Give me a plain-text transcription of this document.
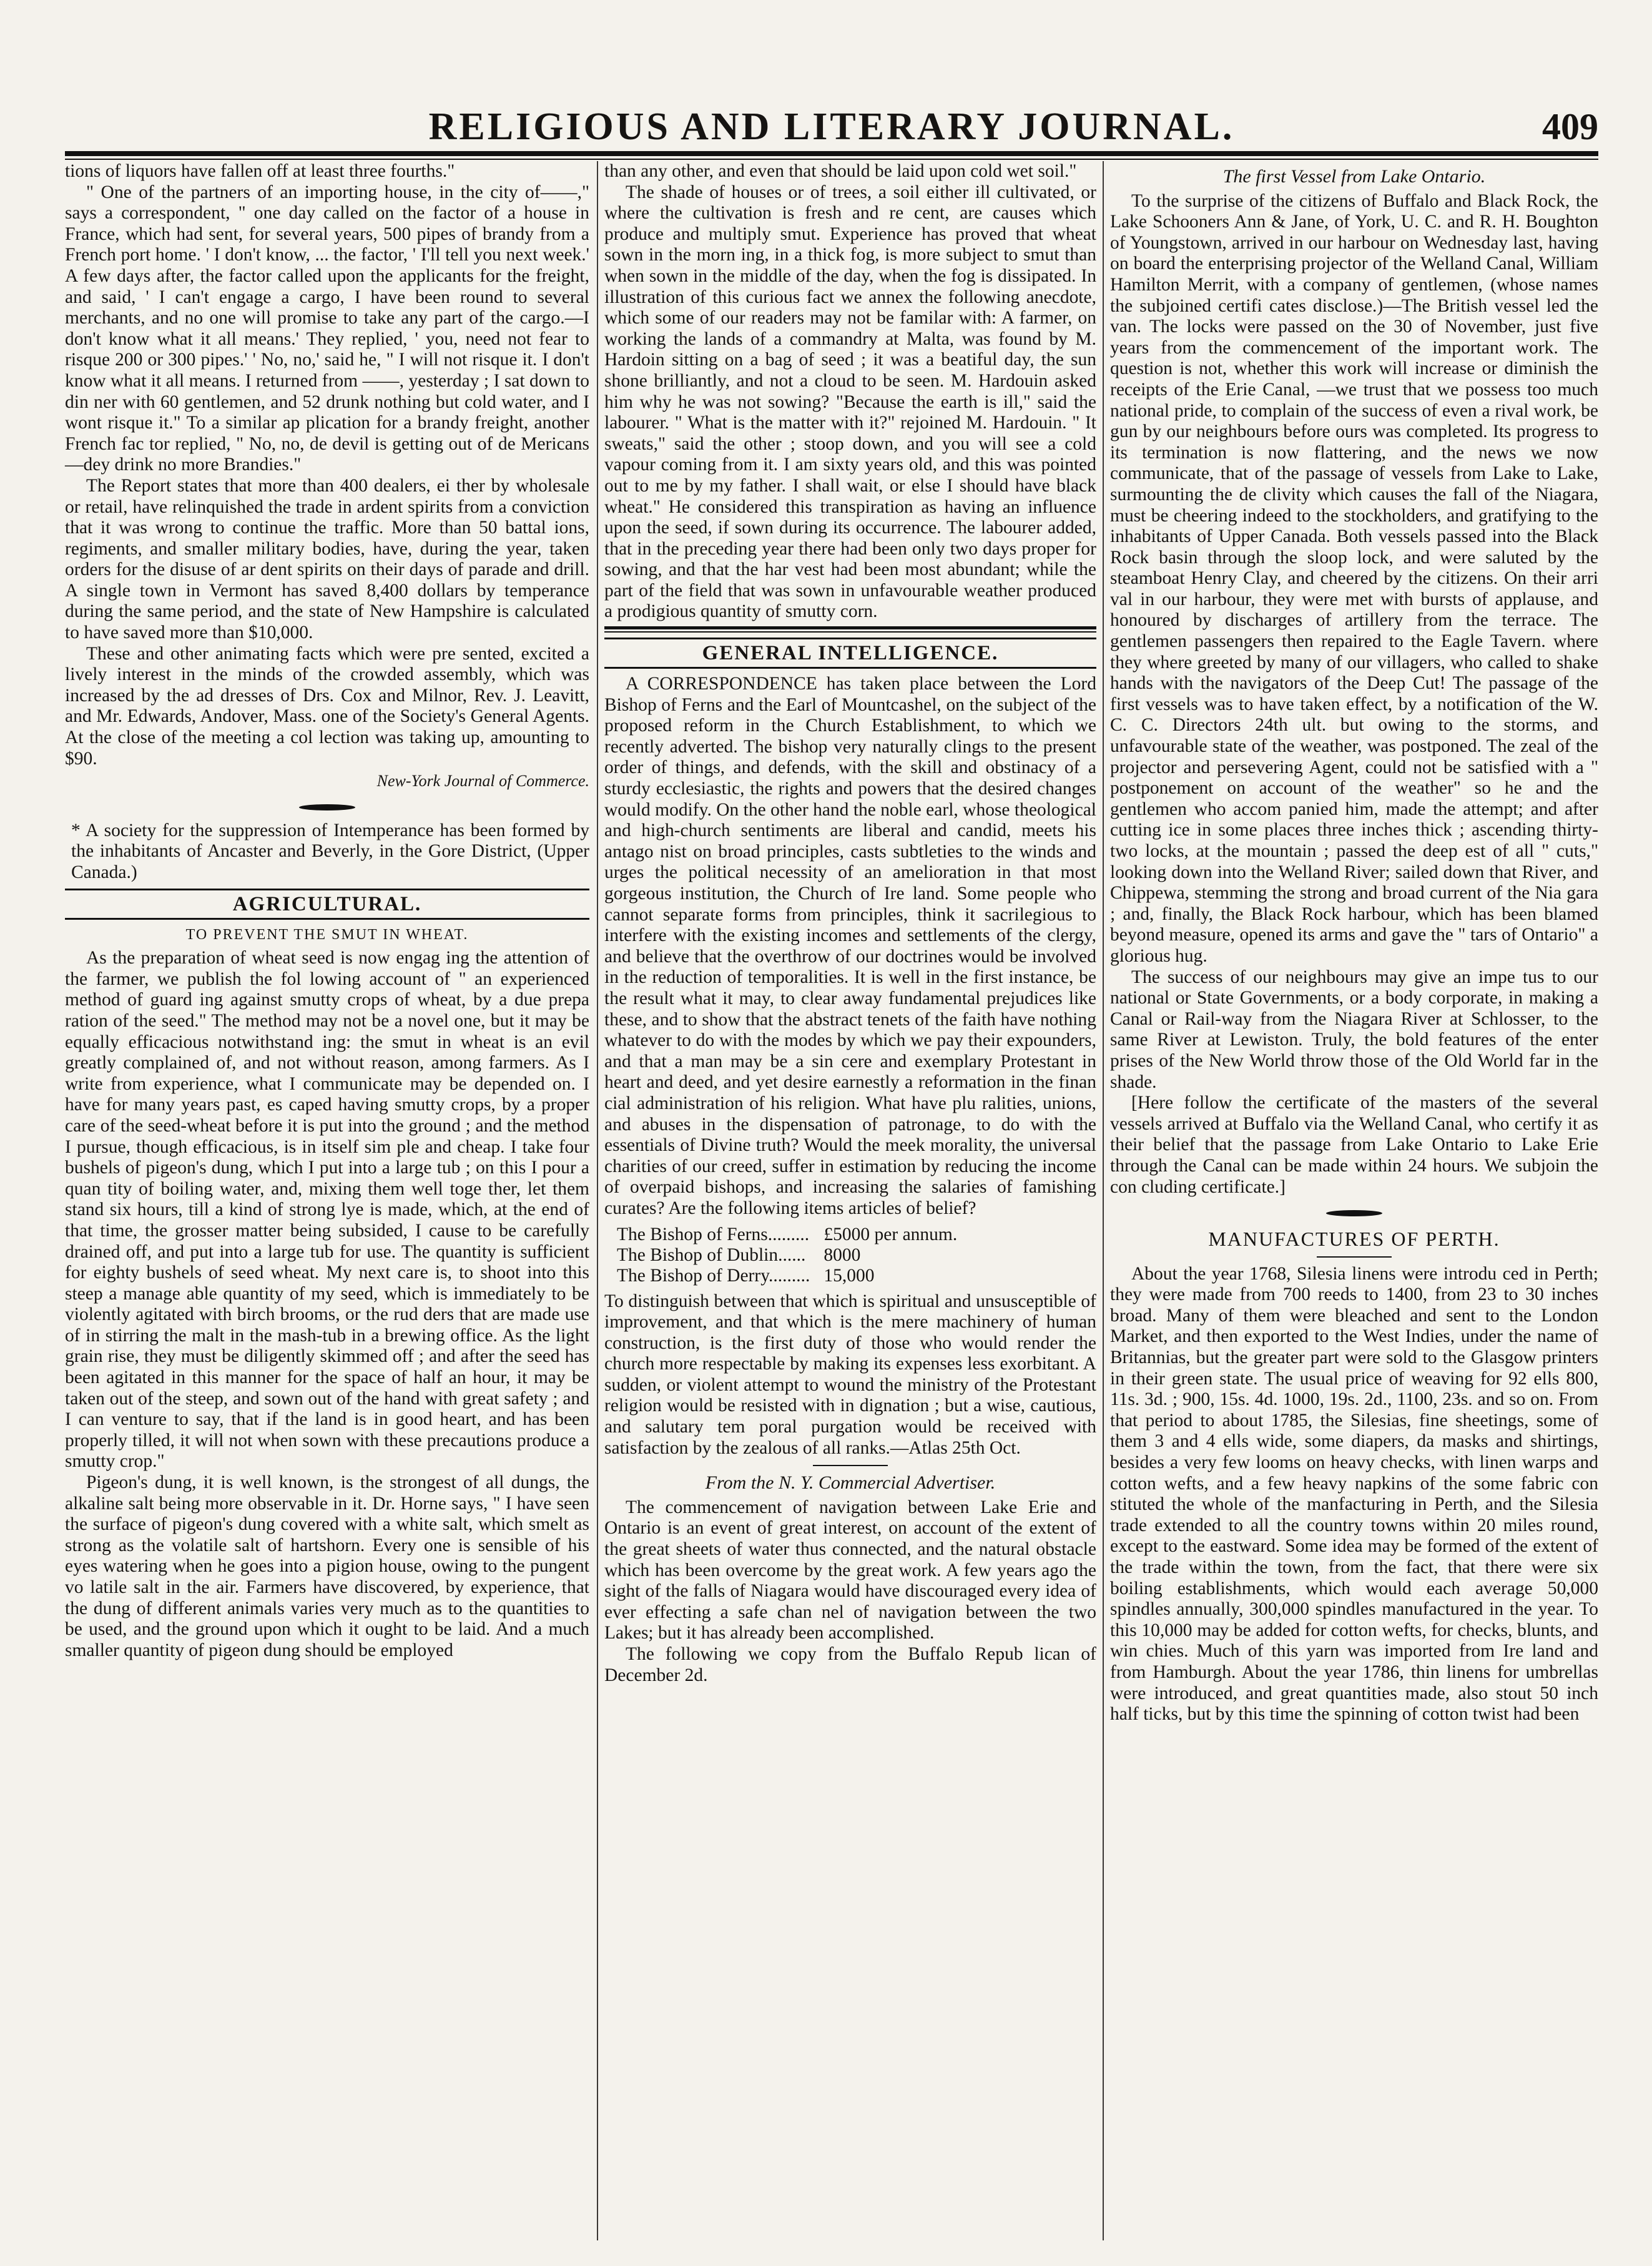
RELIGIOUS AND LITERARY JOURNAL.	409

tions of liquors have fallen off at least three fourths."

" One of the partners of an importing house, in the city of——," says a correspondent, " one day called on the factor of a house in France, which had sent, for several years, 500 pipes of brandy from a French port home. ' I don't know, ... the factor, ' I'll tell you next week.' A few days after, the factor called upon the applicants for the freight, and said, ' I can't engage a cargo, I have been round to several merchants, and no one will promise to take any part of the cargo.—I don't know what it all means.' They replied, ' you, need not fear to risque 200 or 300 pipes.' ' No, no,' said he, " I will not risque it. I don't know what it all means. I returned from ——, yesterday ; I sat down to din ner with 60 gentlemen, and 52 drunk nothing but cold water, and I wont risque it." To a similar ap plication for a brandy freight, another French fac tor replied, " No, no, de devil is getting out of de Mericans—dey drink no more Brandies."

The Report states that more than 400 dealers, ei ther by wholesale or retail, have relinquished the trade in ardent spirits from a conviction that it was wrong to continue the traffic. More than 50 battal ions, regiments, and smaller military bodies, have, during the year, taken orders for the disuse of ar dent spirits on their days of parade and drill. A single town in Vermont has saved 8,400 dollars by temperance during the same period, and the state of New Hampshire is calculated to have saved more than $10,000.

These and other animating facts which were pre sented, excited a lively interest in the minds of the crowded assembly, which was increased by the ad dresses of Drs. Cox and Milnor, Rev. J. Leavitt, and Mr. Edwards, Andover, Mass. one of the Society's General Agents. At the close of the meeting a col lection was taking up, amounting to $90.

New-York Journal of Commerce.

* A society for the suppression of Intemperance has been formed by the inhabitants of Ancaster and Beverly, in the Gore District, (Upper Canada.)

AGRICULTURAL.
TO PREVENT THE SMUT IN WHEAT.

As the preparation of wheat seed is now engag ing the attention of the farmer, we publish the fol lowing account of " an experienced method of guard ing against smutty crops of wheat, by a due prepa ration of the seed." The method may not be a novel one, but it may be equally efficacious notwithstand ing: the smut in wheat is an evil greatly complained of, and not without reason, among farmers. As I write from experience, what I communicate may be depended on. I have for many years past, es caped having smutty crops, by a proper care of the seed-wheat before it is put into the ground ; and the method I pursue, though efficacious, is in itself sim ple and cheap. I take four bushels of pigeon's dung, which I put into a large tub ; on this I pour a quan tity of boiling water, and, mixing them well toge ther, let them stand six hours, till a kind of strong lye is made, which, at the end of that time, the grosser matter being subsided, I cause to be carefully drained off, and put into a large tub for use. The quantity is sufficient for eighty bushels of seed wheat. My next care is, to shoot into this steep a manage able quantity of my seed, which is immediately to be violently agitated with birch brooms, or the rud ders that are made use of in stirring the malt in the mash-tub in a brewing office. As the light grain rise, they must be diligently skimmed off ; and after the seed has been agitated in this manner for the space of half an hour, it may be taken out of the steep, and sown out of the hand with great safety ; and I can venture to say, that if the land is in good heart, and has been properly tilled, it will not when sown with these precautions produce a smutty crop."

Pigeon's dung, it is well known, is the strongest of all dungs, the alkaline salt being more observable in it. Dr. Horne says, " I have seen the surface of pigeon's dung covered with a white salt, which smelt as strong as the volatile salt of hartshorn. Every one is sensible of his eyes watering when he goes into a pigion house, owing to the pungent vo latile salt in the air. Farmers have discovered, by experience, that the dung of different animals varies very much as to the quantities to be used, and the ground upon which it ought to be laid. And a much smaller quantity of pigeon dung should be employed

than any other, and even that should be laid upon cold wet soil."

The shade of houses or of trees, a soil either ill cultivated, or where the cultivation is fresh and re cent, are causes which produce and multiply smut. Experience has proved that wheat sown in the morn ing, in a thick fog, is more subject to smut than when sown in the middle of the day, when the fog is dissipated. In illustration of this curious fact we annex the following anecdote, which some of our readers may not be familar with: A farmer, on working the lands of a commandry at Malta, was found by M. Hardoin sitting on a bag of seed ; it was a beatiful day, the sun shone brilliantly, and not a cloud to be seen. M. Hardouin asked him why he was not sowing? "Because the earth is ill," said the labourer. " What is the matter with it?" rejoined M. Hardouin. " It sweats," said the other ; stoop down, and you will see a cold vapour coming from it. I am sixty years old, and this was pointed out to me by my father. I shall wait, or else I should have black wheat." He considered this transpiration as having an influence upon the seed, if sown during its occurrence. The labourer added, that in the preceding year there had been only two days proper for sowing, and that the har vest had been most abundant; while the part of the field that was sown in unfavourable weather produced a prodigious quantity of smutty corn.

GENERAL INTELLIGENCE.

A CORRESPONDENCE has taken place between the Lord Bishop of Ferns and the Earl of Mountcashel, on the subject of the proposed reform in the Church Establishment, to which we recently adverted. The bishop very naturally clings to the present order of things, and defends, with the skill and obstinacy of a sturdy ecclesiastic, the rights and powers that the desired changes would modify. On the other hand the noble earl, whose theological and high-church sentiments are liberal and candid, meets his antago nist on broad principles, casts subtleties to the winds and urges the political necessity of an amelioration in that most gorgeous institution, the Church of Ire land. Some people who cannot separate forms from principles, think it sacrilegious to interfere with the existing incomes and settlements of the clergy, and believe that the overthrow of our doctrines would be involved in the reduction of temporalities. It is well in the first instance, be the result what it may, to clear away fundamental prejudices like these, and to show that the abstract tenets of the faith have nothing whatever to do with the modes by which we pay their expounders, and that a man may be a sin cere and exemplary Protestant in heart and deed, and yet desire earnestly a reformation in the finan cial administration of his religion. What have plu ralities, unions, and abuses in the dispensation of patronage, to do with the essentials of Divine truth? Would the meek morality, the universal charities of our creed, suffer in estimation by reducing the income of overpaid bishops, and increasing the salaries of famishing curates? Are the following items articles of belief?

The Bishop of Ferns.........	£5000 per annum.
The Bishop of Dublin......	8000
The Bishop of Derry.........	15,000

To distinguish between that which is spiritual and unsusceptible of improvement, and that which is the mere machinery of human construction, is the first duty of those who would render the church more respectable by making its expenses less exorbitant. A sudden, or violent attempt to wound the ministry of the Protestant religion would be resisted with in dignation ; but a wise, cautious, and salutary tem poral purgation would be received with satisfaction by the zealous of all ranks.—Atlas 25th Oct.

From the N. Y. Commercial Advertiser.

The commencement of navigation between Lake Erie and Ontario is an event of great interest, on account of the extent of the great sheets of water thus connected, and the natural obstacle which has been overcome by the great work. A few years ago the sight of the falls of Niagara would have discouraged every idea of ever effecting a safe chan nel of navigation between the two Lakes; but it has already been accomplished.

The following we copy from the Buffalo Repub lican of December 2d.

The first Vessel from Lake Ontario.

To the surprise of the citizens of Buffalo and Black Rock, the Lake Schooners Ann & Jane, of York, U. C. and R. H. Boughton of Youngstown, arrived in our harbour on Wednesday last, having on board the enterprising projector of the Welland Canal, William Hamilton Merrit, with a company of gentlemen, (whose names the subjoined certifi cates disclose.)—The British vessel led the van. The locks were passed on the 30 of November, just five years from the commencement of the important work. The question is not, whether this work will increase or diminish the receipts of the Erie Canal, —we trust that we possess too much national pride, to complain of the success of even a rival work, be gun by our neighbours before ours was completed. Its progress to its termination is now flattering, and the news we now communicate, that of the passage of vessels from Lake to Lake, surmounting the de clivity which causes the fall of the Niagara, must be cheering indeed to the stockholders, and gratifying to the inhabitants of Upper Canada. Both vessels passed into the Black Rock basin through the sloop lock, and were saluted by the steamboat Henry Clay, and cheered by the citizens. On their arri val in our harbour, they were met with bursts of applause, and honoured by discharges of artillery from the terrace. The gentlemen passengers then repaired to the Eagle Tavern. where they where greeted by many of our villagers, who called to shake hands with the navigators of the Deep Cut! The passage of the first vessels was to have taken effect, by a notification of the W. C. C. Directors 24th ult. but owing to the storms, and unfavourable state of the weather, was postponed. The zeal of the projector and persevering Agent, could not be satisfied with a " postponement on account of the weather" so he and the gentlemen who accom panied him, made the attempt; and after cutting ice in some places three inches thick ; ascending thirty-two locks, at the mountain ; passed the deep est of all " cuts," looking down into the Welland River; sailed down that River, and Chippewa, stemming the strong and broad current of the Nia gara ; and, finally, the Black Rock harbour, which has been blamed beyond measure, opened its arms and gave the " tars of Ontario" a glorious hug.

The success of our neighbours may give an impe tus to our national or State Governments, or a body corporate, in making a Canal or Rail-way from the Niagara River at Schlosser, to the same River at Lewiston. Truly, the bold features of the enter prises of the New World throw those of the Old World far in the shade.

[Here follow the certificate of the masters of the several vessels arrived at Buffalo via the Welland Canal, who certify it as their belief that the passage from Lake Ontario to Lake Erie through the Canal can be made within 24 hours. We subjoin the con cluding certificate.]

MANUFACTURES OF PERTH.

About the year 1768, Silesia linens were introdu ced in Perth; they were made from 700 reeds to 1400, from 23 to 30 inches broad. Many of them were bleached and sent to the London Market, and then exported to the West Indies, under the name of Britannias, but the greater part were sold to the Glasgow printers in their green state. The usual price of weaving for 92 ells 800, 11s. 3d. ; 900, 15s. 4d. 1000, 19s. 2d., 1100, 23s. and so on. From that period to about 1785, the Silesias, fine sheetings, some of them 3 and 4 ells wide, some diapers, da masks and shirtings, besides a very few looms on heavy checks, with linen warps and cotton wefts, and a few heavy napkins of the some fabric con stituted the whole of the manfacturing in Perth, and the Silesia trade extended to all the country towns within 20 miles round, except to the eastward. Some idea may be formed of the extent of the trade within the town, from the fact, that there were six boiling establishments, which would each average 50,000 spindles annually, 300,000 spindles manufactured in the year. To this 10,000 may be added for cotton wefts, for checks, blunts, and win chies. Much of this yarn was imported from Ire land and from Hamburgh. About the year 1786, thin linens for umbrellas were introduced, and great quantities made, also stout 50 inch half ticks, but by this time the spinning of cotton twist had been
